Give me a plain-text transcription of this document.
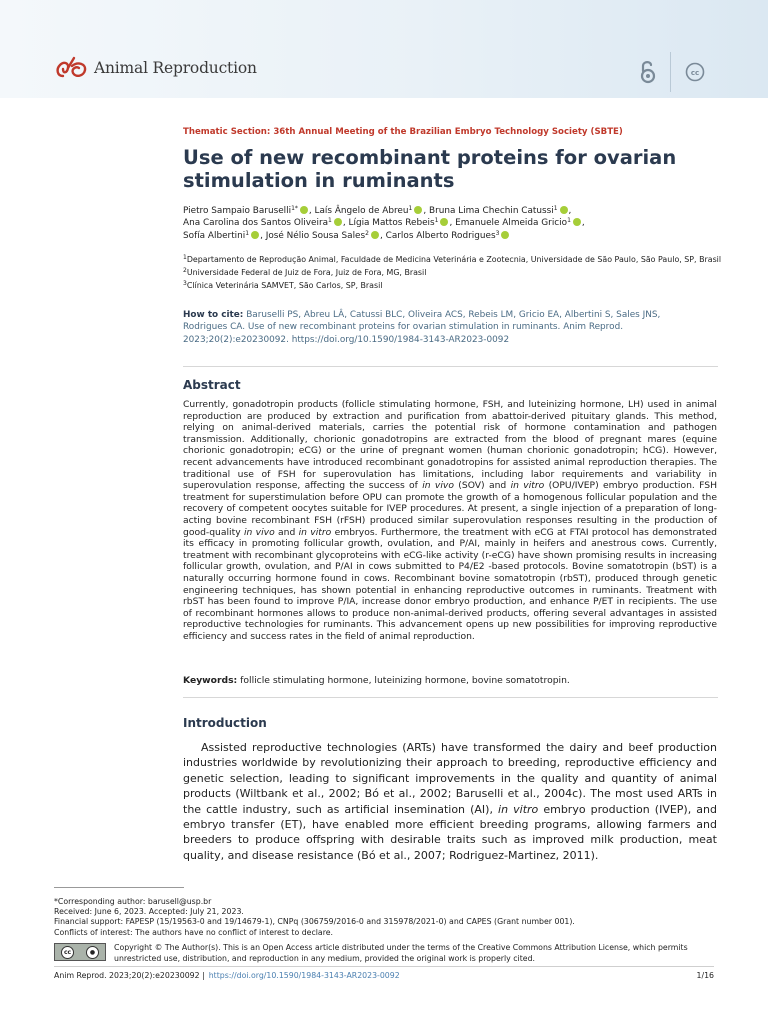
Animal Reproduction	cc
Thematic Section: 36th Annual Meeting of the Brazilian Embryo Technology Society (SBTE)
Use of new recombinant proteins for ovarian stimulation in ruminants
Pietro Sampaio Baruselli$^{1*}$ , Laís Ângelo de Abreu$^1$ , Bruna Lima Chechin Catussi$^1$ ,
Ana Carolina dos Santos Oliveira$^1$ , Lígia Mattos Rebeis$^1$ , Emanuele Almeida Gricio$^1$ ,
Sofía Albertini$^1$ , José Nélio Sousa Sales$^2$ , Carlos Alberto Rodrigues$^3$
$^1$Departamento de Reprodução Animal, Faculdade de Medicina Veterinária e Zootecnia, Universidade de São Paulo, São Paulo, SP, Brasil
$^2$Universidade Federal de Juiz de Fora, Juiz de Fora, MG, Brasil
$^3$Clínica Veterinária SAMVET, São Carlos, SP, Brasil
How to cite: Baruselli PS, Abreu LÂ, Catussi BLC, Oliveira ACS, Rebeis LM, Gricio EA, Albertini S, Sales JNS, Rodrigues CA. Use of new recombinant proteins for ovarian stimulation in ruminants. Anim Reprod. 2023;20(2):e20230092. https://doi.org/10.1590/1984-3143-AR2023-0092
Abstract

Currently, gonadotropin products (follicle stimulating hormone, FSH, and luteinizing hormone, LH) used in animal reproduction are produced by extraction and purification from abattoir-derived pituitary glands. This method, relying on animal-derived materials, carries the potential risk of hormone contamination and pathogen transmission. Additionally, chorionic gonadotropins are extracted from the blood of pregnant mares (equine chorionic gonadotropin; eCG) or the urine of pregnant women (human chorionic gonadotropin; hCG). However, recent advancements have introduced recombinant gonadotropins for assisted animal reproduction therapies. The traditional use of FSH for superovulation has limitations, including labor requirements and variability in superovulation response, affecting the success of in vivo (SOV) and in vitro (OPU/IVEP) embryo production. FSH treatment for superstimulation before OPU can promote the growth of a homogenous follicular population and the recovery of competent oocytes suitable for IVEP procedures. At present, a single injection of a preparation of long-acting bovine recombinant FSH (rFSH) produced similar superovulation responses resulting in the production of good-quality in vivo and in vitro embryos. Furthermore, the treatment with eCG at FTAI protocol has demonstrated its efficacy in promoting follicular growth, ovulation, and P/AI, mainly in heifers and anestrous cows. Currently, treatment with recombinant glycoproteins with eCG-like activity (r-eCG) have shown promising results in increasing follicular growth, ovulation, and P/AI in cows submitted to P4/E2 -based protocols. Bovine somatotropin (bST) is a naturally occurring hormone found in cows. Recombinant bovine somatotropin (rbST), produced through genetic engineering techniques, has shown potential in enhancing reproductive outcomes in ruminants. Treatment with rbST has been found to improve P/IA, increase donor embryo production, and enhance P/ET in recipients. The use of recombinant hormones allows to produce non-animal-derived products, offering several advantages in assisted reproductive technologies for ruminants. This advancement opens up new possibilities for improving reproductive efficiency and success rates in the field of animal reproduction.

Keywords: follicle stimulating hormone, luteinizing hormone, bovine somatotropin.
Introduction

Assisted reproductive technologies (ARTs) have transformed the dairy and beef production industries worldwide by revolutionizing their approach to breeding, reproductive efficiency and genetic selection, leading to significant improvements in the quality and quantity of animal products (Wiltbank et al., 2002; Bó et al., 2002; Baruselli et al., 2004c). The most used ARTs in the cattle industry, such as artificial insemination (AI), in vitro embryo production (IVEP), and embryo transfer (ET), have enabled more efficient breeding programs, allowing farmers and breeders to produce offspring with desirable traits such as improved milk production, meat quality, and disease resistance (Bó et al., 2007; Rodriguez-Martinez, 2011).

*Corresponding author: barusell@usp.br
Received: June 6, 2023. Accepted: July 21, 2023.
Financial support: FAPESP (15/19563-0 and 19/14679-1), CNPq (306759/2016-0 and 315978/2021-0) and CAPES (Grant number 001).
Conflicts of interest: The authors have no conflict of interest to declare.
cc	●	Copyright © The Author(s). This is an Open Access article distributed under the terms of the Creative Commons Attribution License, which permits unrestricted use, distribution, and reproduction in any medium, provided the original work is properly cited.
Anim Reprod. 2023;20(2):e20230092 | https://doi.org/10.1590/1984-3143-AR2023-0092	1/16
